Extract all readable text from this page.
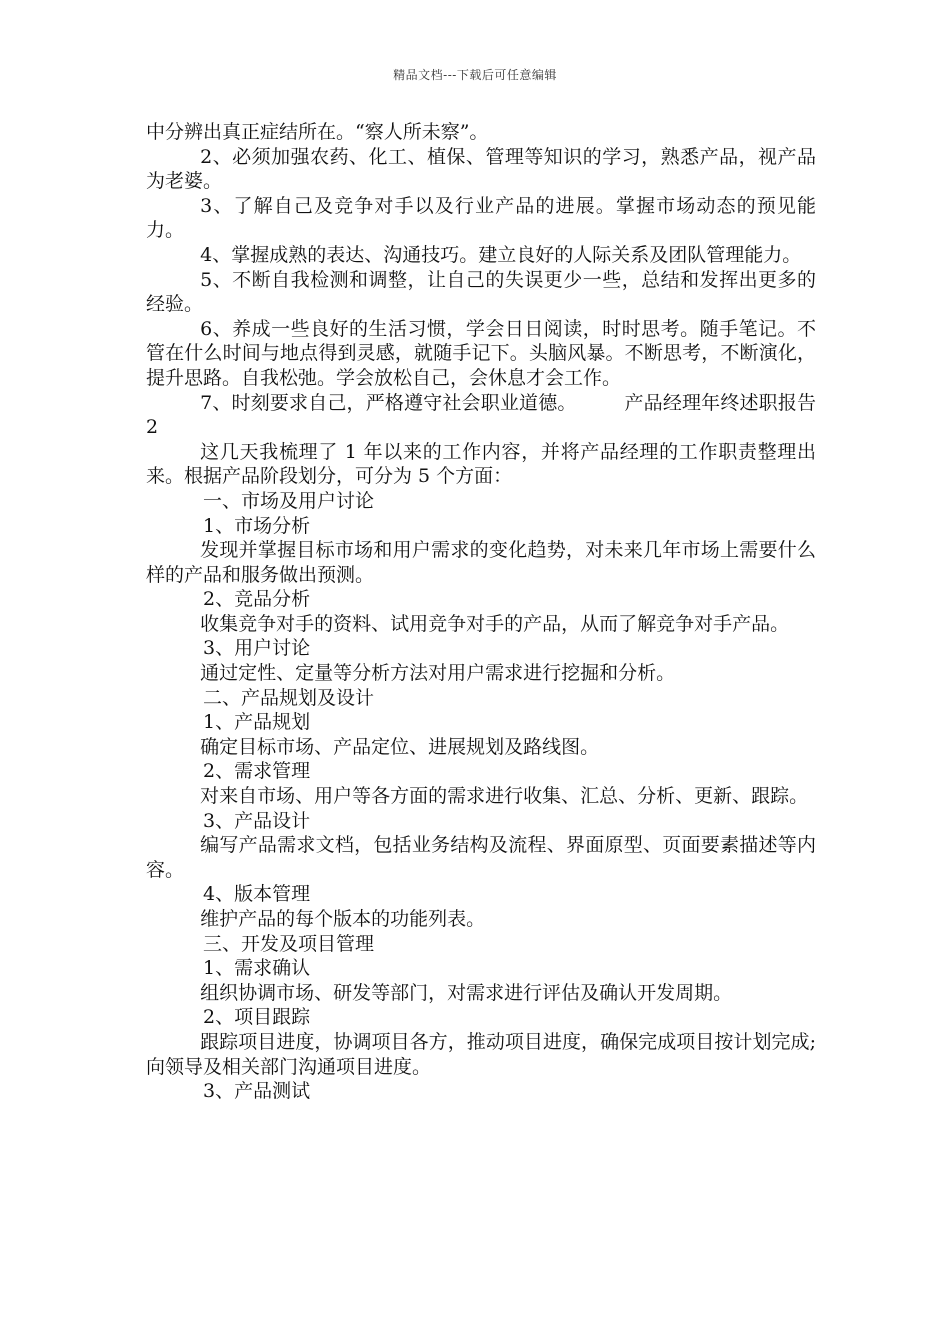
精品文档---下载后可任意编辑

中分辨出真正症结所在。“察人所未察”。

2、必须加强农药、化工、植保、管理等知识的学习，熟悉产品，视产品为老婆。

3、了解自己及竞争对手以及行业产品的进展。掌握市场动态的预见能力。

4、掌握成熟的表达、沟通技巧。建立良好的人际关系及团队管理能力。

5、不断自我检测和调整，让自己的失误更少一些，总结和发挥出更多的经验。

6、养成一些良好的生活习惯，学会日日阅读，时时思考。随手笔记。不管在什么时间与地点得到灵感，就随手记下。头脑风暴。不断思考，不断演化，提升思路。自我松弛。学会放松自己，会休息才会工作。

7、时刻要求自己，严格遵守社会职业道德。　　　产品经理年终述职报告 2

这几天我梳理了 1 年以来的工作内容，并将产品经理的工作职责整理出来。根据产品阶段划分，可分为 5 个方面：

一、市场及用户讨论

1、市场分析

发现并掌握目标市场和用户需求的变化趋势，对未来几年市场上需要什么样的产品和服务做出预测。

2、竞品分析

收集竞争对手的资料、试用竞争对手的产品，从而了解竞争对手产品。

3、用户讨论

通过定性、定量等分析方法对用户需求进行挖掘和分析。

二、产品规划及设计

1、产品规划

确定目标市场、产品定位、进展规划及路线图。

2、需求管理

对来自市场、用户等各方面的需求进行收集、汇总、分析、更新、跟踪。

3、产品设计

编写产品需求文档，包括业务结构及流程、界面原型、页面要素描述等内容。

4、版本管理

维护产品的每个版本的功能列表。

三、开发及项目管理

1、需求确认

组织协调市场、研发等部门，对需求进行评估及确认开发周期。

2、项目跟踪

跟踪项目进度，协调项目各方，推动项目进度，确保完成项目按计划完成;向领导及相关部门沟通项目进度。

3、产品测试
